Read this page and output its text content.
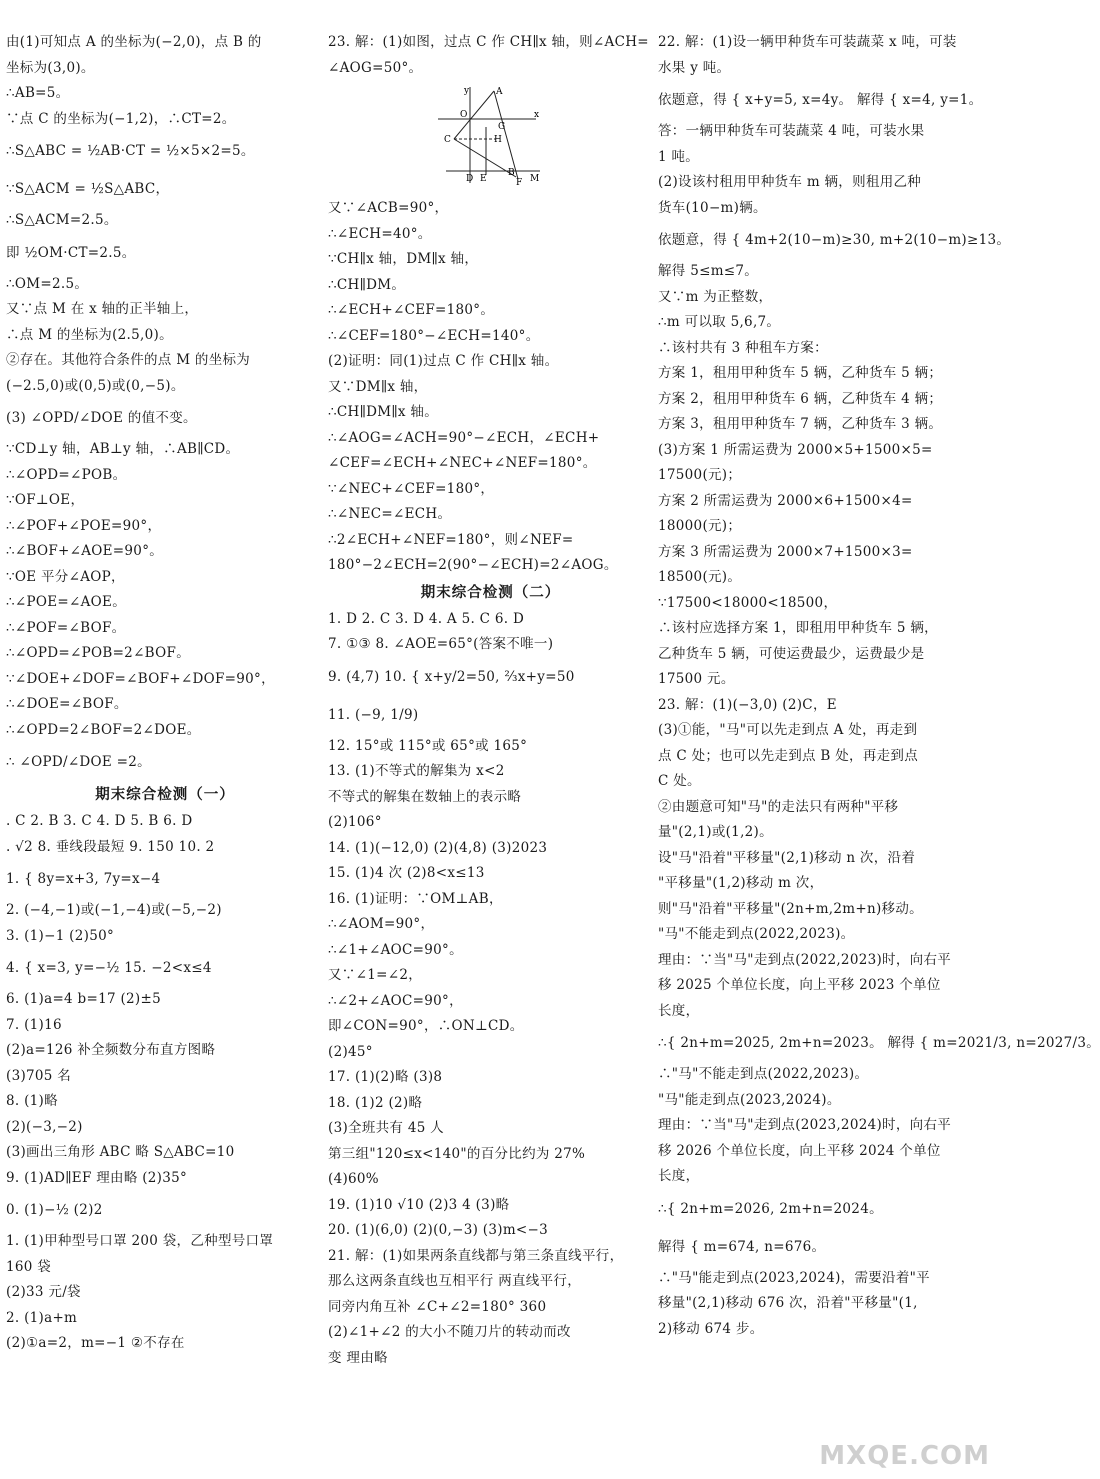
由(1)可知点 A 的坐标为(−2,0)，点 B 的
坐标为(3,0)。
∴AB=5。
∵点 C 的坐标为(−1,2)，∴CT=2。
∴S△ABC = ½AB·CT = ½×5×2=5。
∵S△ACM = ½S△ABC，
∴S△ACM=2.5。
即 ½OM·CT=2.5。
∴OM=2.5。
又∵点 M 在 x 轴的正半轴上，
∴点 M 的坐标为(2.5,0)。
②存在。其他符合条件的点 M 的坐标为
(−2.5,0)或(0,5)或(0,−5)。
(3) ∠OPD/∠DOE 的值不变。
∵CD⊥y 轴，AB⊥y 轴，∴AB∥CD。
∴∠OPD=∠POB。
∵OF⊥OE，
∴∠POF+∠POE=90°，
∴∠BOF+∠AOE=90°。
∵OE 平分∠AOP，
∴∠POE=∠AOE。
∴∠POF=∠BOF。
∴∠OPD=∠POB=2∠BOF。
∵∠DOE+∠DOF=∠BOF+∠DOF=90°，
∴∠DOE=∠BOF。
∴∠OPD=2∠BOF=2∠DOE。
∴ ∠OPD/∠DOE =2。
期末综合检测（一）
. C 2. B 3. C 4. D 5. B 6. D
. √2 8. 垂线段最短 9. 150 10. 2
1. { 8y=x+3, 7y=x−4
2. (−4,−1)或(−1,−4)或(−5,−2)
3. (1)−1 (2)50°
4. { x=3, y=−½ 15. −2<x≤4
6. (1)a=4 b=17 (2)±5
7. (1)16
(2)a=126 补全频数分布直方图略
(3)705 名
8. (1)略
(2)(−3,−2)
(3)画出三角形 ABC 略 S△ABC=10
9. (1)AD∥EF 理由略 (2)35°
0. (1)−½ (2)2
1. (1)甲种型号口罩 200 袋，乙种型号口罩
160 袋
(2)33 元/袋
2. (1)a+m
(2)①a=2，m=−1 ②不存在
23. 解：(1)如图，过点 C 作 CH∥x 轴，则∠ACH=
∠AOG=50°。
y	A
O
G
x
C	H
D E
B
F M
又∵∠ACB=90°，
∴∠ECH=40°。
∵CH∥x 轴，DM∥x 轴，
∴CH∥DM。
∴∠ECH+∠CEF=180°。
∴∠CEF=180°−∠ECH=140°。
(2)证明：同(1)过点 C 作 CH∥x 轴。
又∵DM∥x 轴，
∴CH∥DM∥x 轴。
∴∠AOG=∠ACH=90°−∠ECH，∠ECH+
∠CEF=∠ECH+∠NEC+∠NEF=180°。
∵∠NEC+∠CEF=180°，
∴∠NEC=∠ECH。
∴2∠ECH+∠NEF=180°，则∠NEF=
180°−2∠ECH=2(90°−∠ECH)=2∠AOG。
期末综合检测（二）
1. D 2. C 3. D 4. A 5. C 6. D
7. ①③ 8. ∠AOE=65°(答案不唯一)
9. (4,7) 10. { x+y/2=50, ⅔x+y=50
11. (−9, 1/9)
12. 15°或 115°或 65°或 165°
13. (1)不等式的解集为 x<2
不等式的解集在数轴上的表示略
(2)106°
14. (1)(−12,0) (2)(4,8) (3)2023
15. (1)4 次 (2)8<x≤13
16. (1)证明：∵OM⊥AB，
∴∠AOM=90°，
∴∠1+∠AOC=90°。
又∵∠1=∠2，
∴∠2+∠AOC=90°，
即∠CON=90°，∴ON⊥CD。
(2)45°
17. (1)(2)略 (3)8
18. (1)2 (2)略
(3)全班共有 45 人
第三组"120≤x<140"的百分比约为 27%
(4)60%
19. (1)10 √10 (2)3 4 (3)略
20. (1)(6,0) (2)(0,−3) (3)m<−3
21. 解：(1)如果两条直线都与第三条直线平行，
那么这两条直线也互相平行 两直线平行，
同旁内角互补 ∠C+∠2=180° 360
(2)∠1+∠2 的大小不随刀片的转动而改
变 理由略
22. 解：(1)设一辆甲种货车可装蔬菜 x 吨，可装
水果 y 吨。
依题意，得 { x+y=5, x=4y。 解得 { x=4, y=1。
答：一辆甲种货车可装蔬菜 4 吨，可装水果
1 吨。
(2)设该村租用甲种货车 m 辆，则租用乙种
货车(10−m)辆。
依题意，得 { 4m+2(10−m)≥30, m+2(10−m)≥13。
解得 5≤m≤7。
又∵m 为正整数，
∴m 可以取 5,6,7。
∴该村共有 3 种租车方案：
方案 1，租用甲种货车 5 辆，乙种货车 5 辆；
方案 2，租用甲种货车 6 辆，乙种货车 4 辆；
方案 3，租用甲种货车 7 辆，乙种货车 3 辆。
(3)方案 1 所需运费为 2000×5+1500×5=
17500(元)；
方案 2 所需运费为 2000×6+1500×4=
18000(元)；
方案 3 所需运费为 2000×7+1500×3=
18500(元)。
∵17500<18000<18500，
∴该村应选择方案 1，即租用甲种货车 5 辆，
乙种货车 5 辆，可使运费最少，运费最少是
17500 元。
23. 解：(1)(−3,0) (2)C，E
(3)①能，"马"可以先走到点 A 处，再走到
点 C 处；也可以先走到点 B 处，再走到点
C 处。
②由题意可知"马"的走法只有两种"平移
量"(2,1)或(1,2)。
设"马"沿着"平移量"(2,1)移动 n 次，沿着
"平移量"(1,2)移动 m 次，
则"马"沿着"平移量"(2n+m,2m+n)移动。
"马"不能走到点(2022,2023)。
理由：∵当"马"走到点(2022,2023)时，向右平
移 2025 个单位长度，向上平移 2023 个单位
长度，
∴{ 2n+m=2025, 2m+n=2023。 解得 { m=2021/3, n=2027/3。
∴"马"不能走到点(2022,2023)。
"马"能走到点(2023,2024)。
理由：∵当"马"走到点(2023,2024)时，向右平
移 2026 个单位长度，向上平移 2024 个单位
长度，
∴{ 2n+m=2026, 2m+n=2024。
解得 { m=674, n=676。
∴"马"能走到点(2023,2024)，需要沿着"平
移量"(2,1)移动 676 次，沿着"平移量"(1,
2)移动 674 步。
MXQE.COM
